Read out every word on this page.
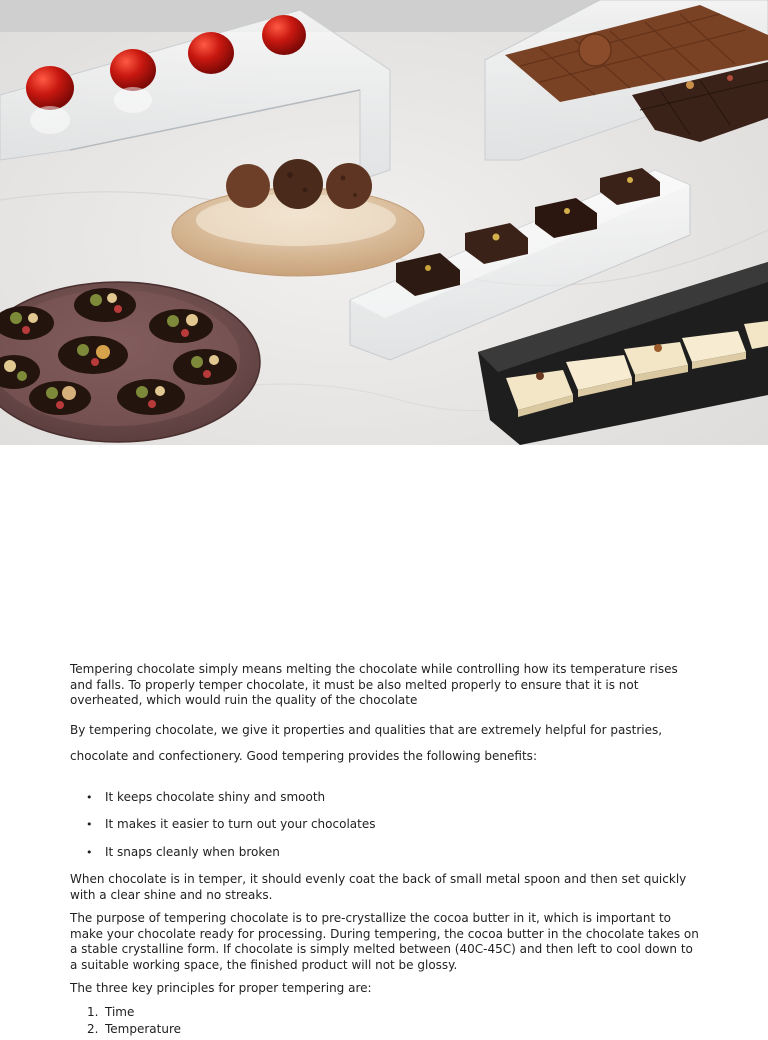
Tempering chocolate simply means melting the chocolate while controlling how its temperature rises and falls. To properly temper chocolate, it must be also melted properly to ensure that it is not overheated, which would ruin the quality of the chocolate

By tempering chocolate, we give it properties and qualities that are extremely helpful for pastries,

chocolate and confectionery. Good tempering provides the following benefits:

• It keeps chocolate shiny and smooth
• It makes it easier to turn out your chocolates
• It snaps cleanly when broken

When chocolate is in temper, it should evenly coat the back of small metal spoon and then set quickly with a clear shine and no streaks.

The purpose of tempering chocolate is to pre-crystallize the cocoa butter in it, which is important to make your chocolate ready for processing. During tempering, the cocoa butter in the chocolate takes on a stable crystalline form. If chocolate is simply melted between (40C-45C) and then left to cool down to a suitable working space, the finished product will not be glossy.

The three key principles for proper tempering are:

1. Time
2. Temperature
